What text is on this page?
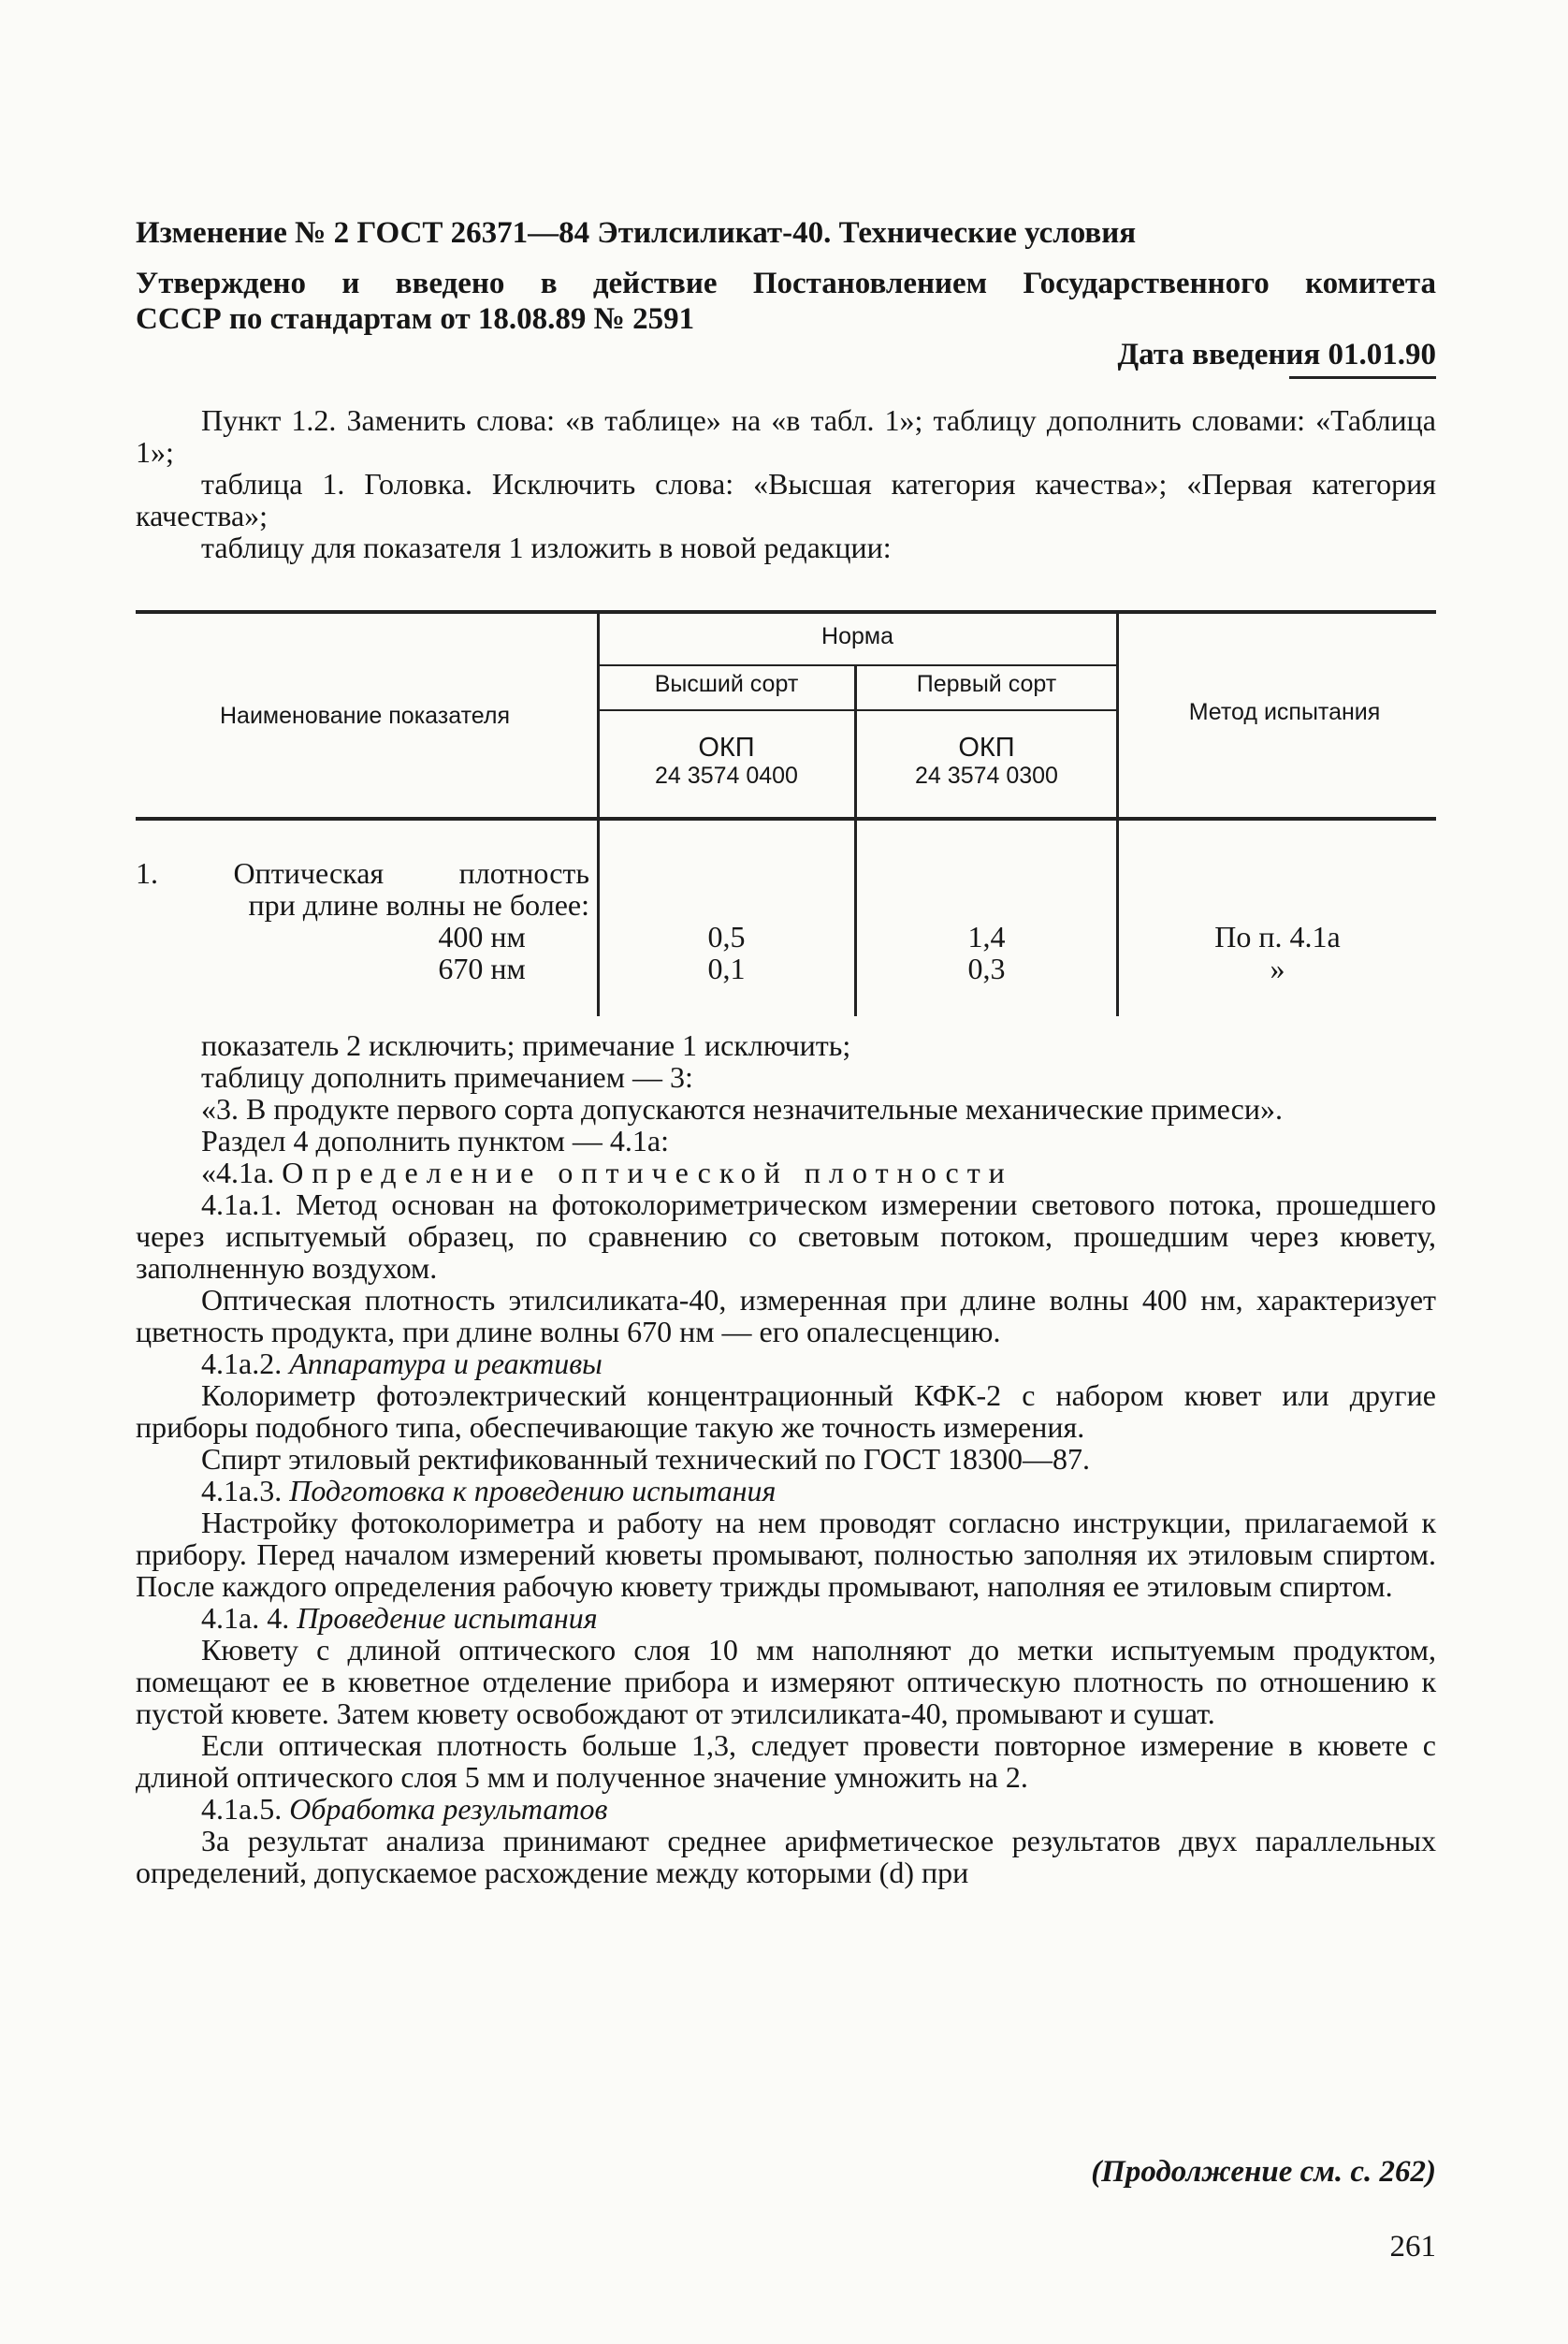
Изменение № 2 ГОСТ 26371—84 Этилсиликат-40. Технические условия
Утверждено и введено в действие Постановлением Государственного комитета
СССР по стандартам от 18.08.89 № 2591
Дата введения 01.01.90

Пункт 1.2. Заменить слова: «в таблице» на «в табл. 1»; таблицу дополнить словами: «Таблица 1»;

таблица 1. Головка. Исключить слова: «Высшая категория качества»; «Первая категория качества»;

таблицу для показателя 1 изложить в новой редакции:

Наименование показателя
Норма
Высший сорт	Первый сорт
ОКП
24 3574 0400
ОКП
24 3574 0300
Метод испытания
1. Оптическая плотность
при длине волны не более:
400 нм
670 нм
0,5
0,1
1,4
0,3
По п. 4.1а
»

показатель 2 исключить; примечание 1 исключить;

таблицу дополнить примечанием — 3:

«3. В продукте первого сорта допускаются незначительные механические примеси».

Раздел 4 дополнить пунктом — 4.1а:

«4.1а. Определение оптической плотности

4.1а.1. Метод основан на фотоколориметрическом измерении светового потока, прошедшего через испытуемый образец, по сравнению со световым потоком, прошедшим через кювету, заполненную воздухом.

Оптическая плотность этилсиликата-40, измеренная при длине волны 400 нм, характеризует цветность продукта, при длине волны 670 нм — его опалесценцию.

4.1а.2. Аппаратура и реактивы

Колориметр фотоэлектрический концентрационный КФК-2 с набором кювет или другие приборы подобного типа, обеспечивающие такую же точность измерения.

Спирт этиловый ректификованный технический по ГОСТ 18300—87.

4.1а.3. Подготовка к проведению испытания

Настройку фотоколориметра и работу на нем проводят согласно инструкции, прилагаемой к прибору. Перед началом измерений кюветы промывают, полностью заполняя их этиловым спиртом. После каждого определения рабочую кювету трижды промывают, наполняя ее этиловым спиртом.

4.1а. 4. Проведение испытания

Кювету с длиной оптического слоя 10 мм наполняют до метки испытуемым продуктом, помещают ее в кюветное отделение прибора и измеряют оптическую плотность по отношению к пустой кювете. Затем кювету освобождают от этилсиликата-40, промывают и сушат.

Если оптическая плотность больше 1,3, следует провести повторное измерение в кювете с длиной оптического слоя 5 мм и полученное значение умножить на 2.

4.1а.5. Обработка результатов

За результат анализа принимают среднее арифметическое результатов двух параллельных определений, допускаемое расхождение между которыми (d) при

(Продолжение см. с. 262)
261
